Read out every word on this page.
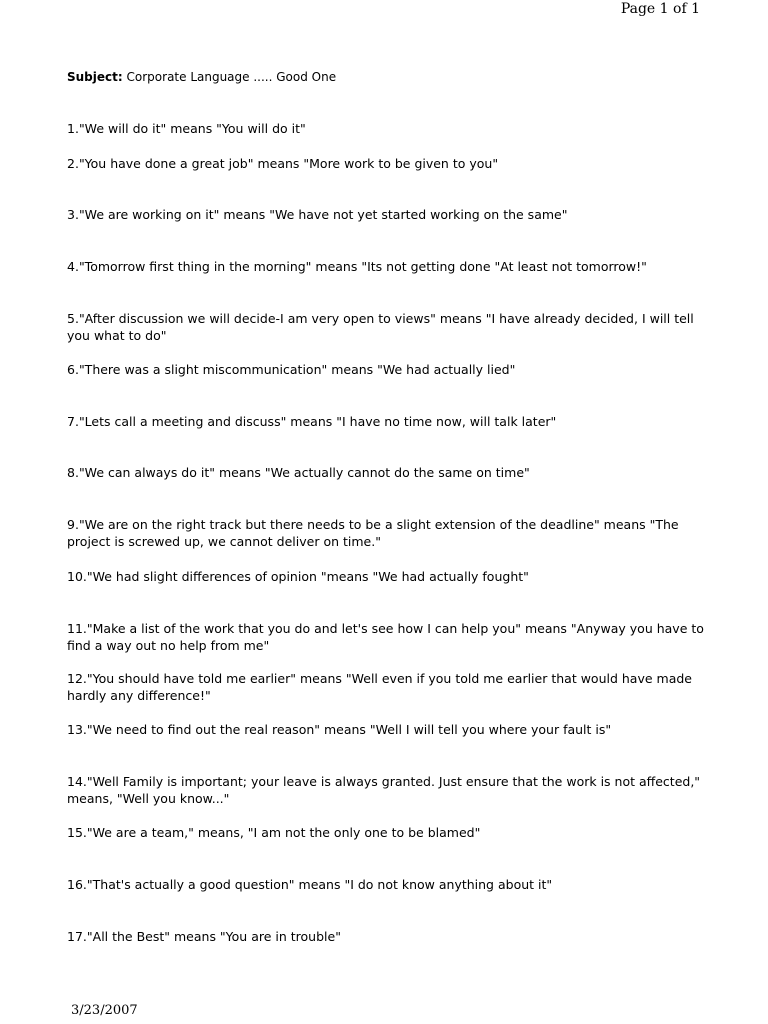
Page 1 of 1
Subject: Corporate Language ..... Good One
1."We will do it" means "You will do it"
2."You have done a great job" means "More work to be given to you"
3."We are working on it" means "We have not yet started working on the same"
4."Tomorrow first thing in the morning" means "Its not getting done "At least not tomorrow!"
5."After discussion we will decide-I am very open to views" means "I have already decided, I will tell you what to do"
6."There was a slight miscommunication" means "We had actually lied"
7."Lets call a meeting and discuss" means "I have no time now, will talk later"
8."We can always do it" means "We actually cannot do the same on time"
9."We are on the right track but there needs to be a slight extension of the deadline" means "The project is screwed up, we cannot deliver on time."
10."We had slight differences of opinion "means "We had actually fought"
11."Make a list of the work that you do and let's see how I can help you" means "Anyway you have to find a way out no help from me"
12."You should have told me earlier" means "Well even if you told me earlier that would have made hardly any difference!"
13."We need to find out the real reason" means "Well I will tell you where your fault is"
14."Well Family is important; your leave is always granted. Just ensure that the work is not affected," means, "Well you know..."
15."We are a team," means, "I am not the only one to be blamed"
16."That's actually a good question" means "I do not know anything about it"
17."All the Best" means "You are in trouble"
3/23/2007
